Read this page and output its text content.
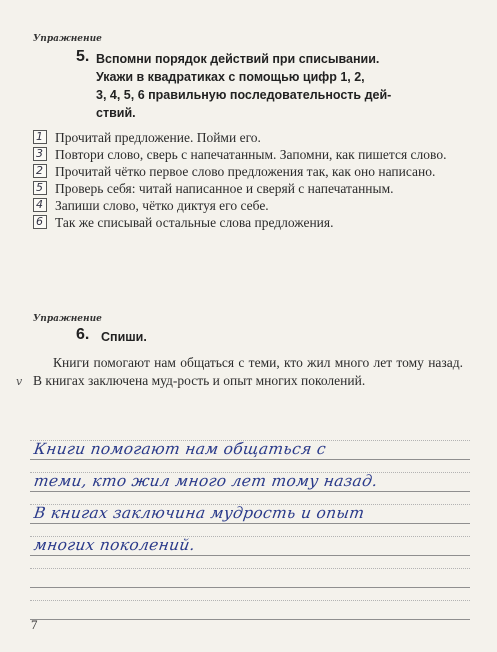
Упражнение
5. Вспомни порядок действий при списывании.
Укажи в квадратиках с помощью цифр 1, 2,
3, 4, 5, 6 правильную последовательность дей-
ствий.
1 Прочитай предложение. Пойми его.
3 Повтори слово, сверь с напечатанным. Запомни, как пишется слово.
2 Прочитай чётко первое слово предложения так, как оно написано.
5 Проверь себя: читай написанное и сверяй с напечатанным.
4 Запиши слово, чётко диктуя его себе.
6 Так же списывай остальные слова предложения.
Упражнение
6. Спиши.
Книги помогают нам общаться с теми, кто жил много лет тому назад. В книгах заключена муд-рость и опыт многих поколений.
v
Книги помогают нам общаться с
теми, кто жил много лет тому назад.
В книгах заключина мудрость и опыт
многих поколений.
7
